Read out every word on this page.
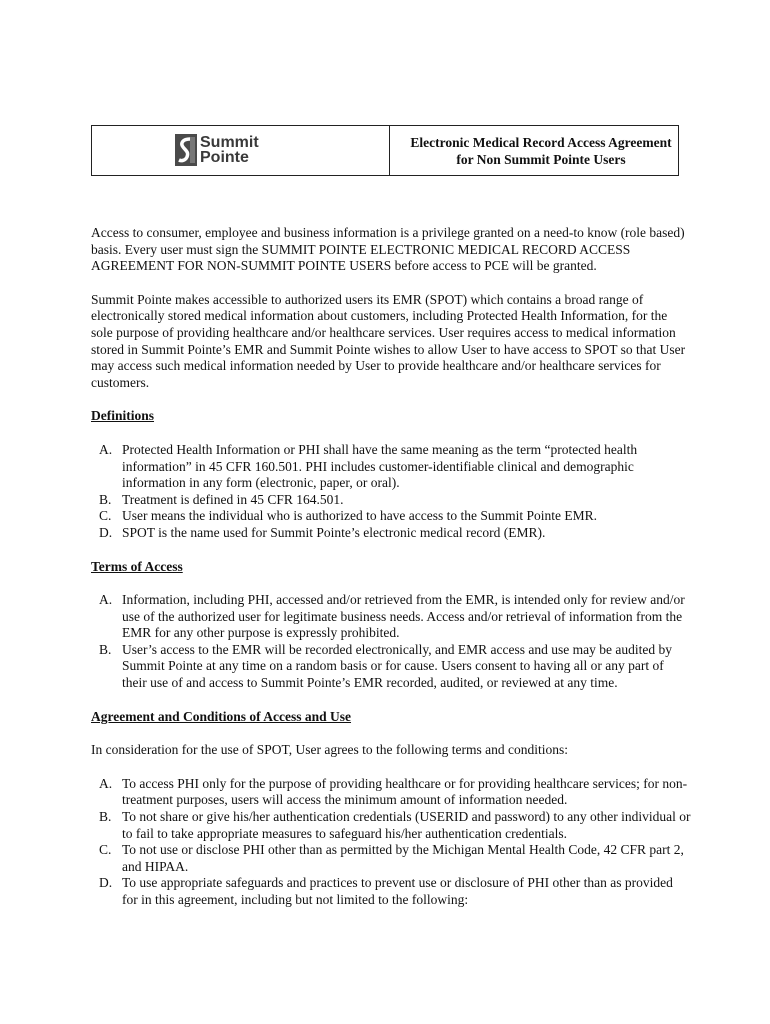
Summit
Pointe
Electronic Medical Record Access Agreement
for Non Summit Pointe Users

Access to consumer, employee and business information is a privilege granted on a need-to know (role based) basis. Every user must sign the SUMMIT POINTE ELECTRONIC MEDICAL RECORD ACCESS AGREEMENT FOR NON-SUMMIT POINTE USERS before access to PCE will be granted.

Summit Pointe makes accessible to authorized users its EMR (SPOT) which contains a broad range of electronically stored medical information about customers, including Protected Health Information, for the sole purpose of providing healthcare and/or healthcare services. User requires access to medical information stored in Summit Pointe’s EMR and Summit Pointe wishes to allow User to have access to SPOT so that User may access such medical information needed by User to provide healthcare and/or healthcare services for customers.

Definitions
A. Protected Health Information or PHI shall have the same meaning as the term “protected health information” in 45 CFR 160.501. PHI includes customer-identifiable clinical and demographic information in any form (electronic, paper, or oral).
B. Treatment is defined in 45 CFR 164.501.
C. User means the individual who is authorized to have access to the Summit Pointe EMR.
D. SPOT is the name used for Summit Pointe’s electronic medical record (EMR).
Terms of Access
A. Information, including PHI, accessed and/or retrieved from the EMR, is intended only for review and/or use of the authorized user for legitimate business needs. Access and/or retrieval of information from the EMR for any other purpose is expressly prohibited.
B. User’s access to the EMR will be recorded electronically, and EMR access and use may be audited by Summit Pointe at any time on a random basis or for cause. Users consent to having all or any part of their use of and access to Summit Pointe’s EMR recorded, audited, or reviewed at any time.
Agreement and Conditions of Access and Use

In consideration for the use of SPOT, User agrees to the following terms and conditions:

A. To access PHI only for the purpose of providing healthcare or for providing healthcare services; for non-treatment purposes, users will access the minimum amount of information needed.
B. To not share or give his/her authentication credentials (USERID and password) to any other individual or to fail to take appropriate measures to safeguard his/her authentication credentials.
C. To not use or disclose PHI other than as permitted by the Michigan Mental Health Code, 42 CFR part 2, and HIPAA.
D. To use appropriate safeguards and practices to prevent use or disclosure of PHI other than as provided for in this agreement, including but not limited to the following:
